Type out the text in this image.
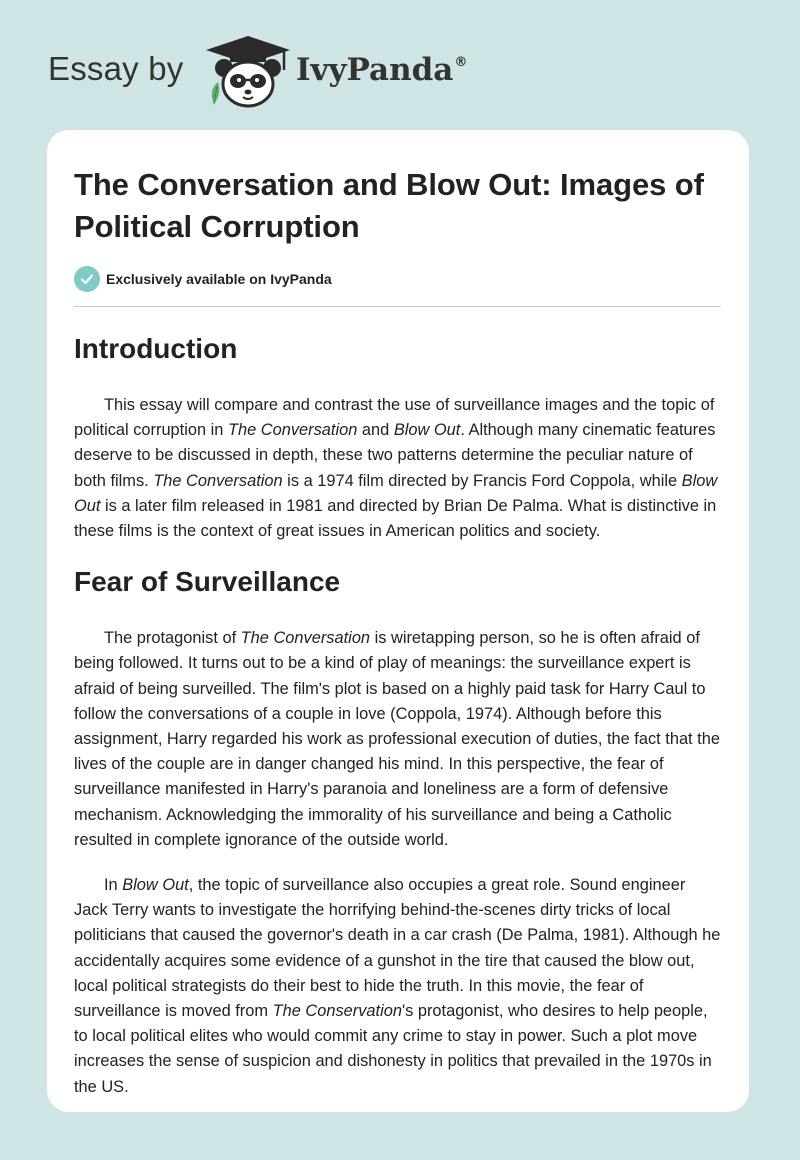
Essay by	IvyPanda®
The Conversation and Blow Out: Images of Political Corruption
Exclusively available on IvyPanda
Introduction

This essay will compare and contrast the use of surveillance images and the topic of political corruption in The Conversation and Blow Out. Although many cinematic features deserve to be discussed in depth, these two patterns determine the peculiar nature of both films. The Conversation is a 1974 film directed by Francis Ford Coppola, while Blow Out is a later film released in 1981 and directed by Brian De Palma. What is distinctive in these films is the context of great issues in American politics and society.

Fear of Surveillance

The protagonist of The Conversation is wiretapping person, so he is often afraid of being followed. It turns out to be a kind of play of meanings: the surveillance expert is afraid of being surveilled. The film's plot is based on a highly paid task for Harry Caul to follow the conversations of a couple in love (Coppola, 1974). Although before this assignment, Harry regarded his work as professional execution of duties, the fact that the lives of the couple are in danger changed his mind. In this perspective, the fear of surveillance manifested in Harry's paranoia and loneliness are a form of defensive mechanism. Acknowledging the immorality of his surveillance and being a Catholic resulted in complete ignorance of the outside world.

In Blow Out, the topic of surveillance also occupies a great role. Sound engineer Jack Terry wants to investigate the horrifying behind-the-scenes dirty tricks of local politicians that caused the governor's death in a car crash (De Palma, 1981). Although he accidentally acquires some evidence of a gunshot in the tire that caused the blow out, local political strategists do their best to hide the truth. In this movie, the fear of surveillance is moved from The Conservation's protagonist, who desires to help people, to local political elites who would commit any crime to stay in power. Such a plot move increases the sense of suspicion and dishonesty in politics that prevailed in the 1970s in the US.
